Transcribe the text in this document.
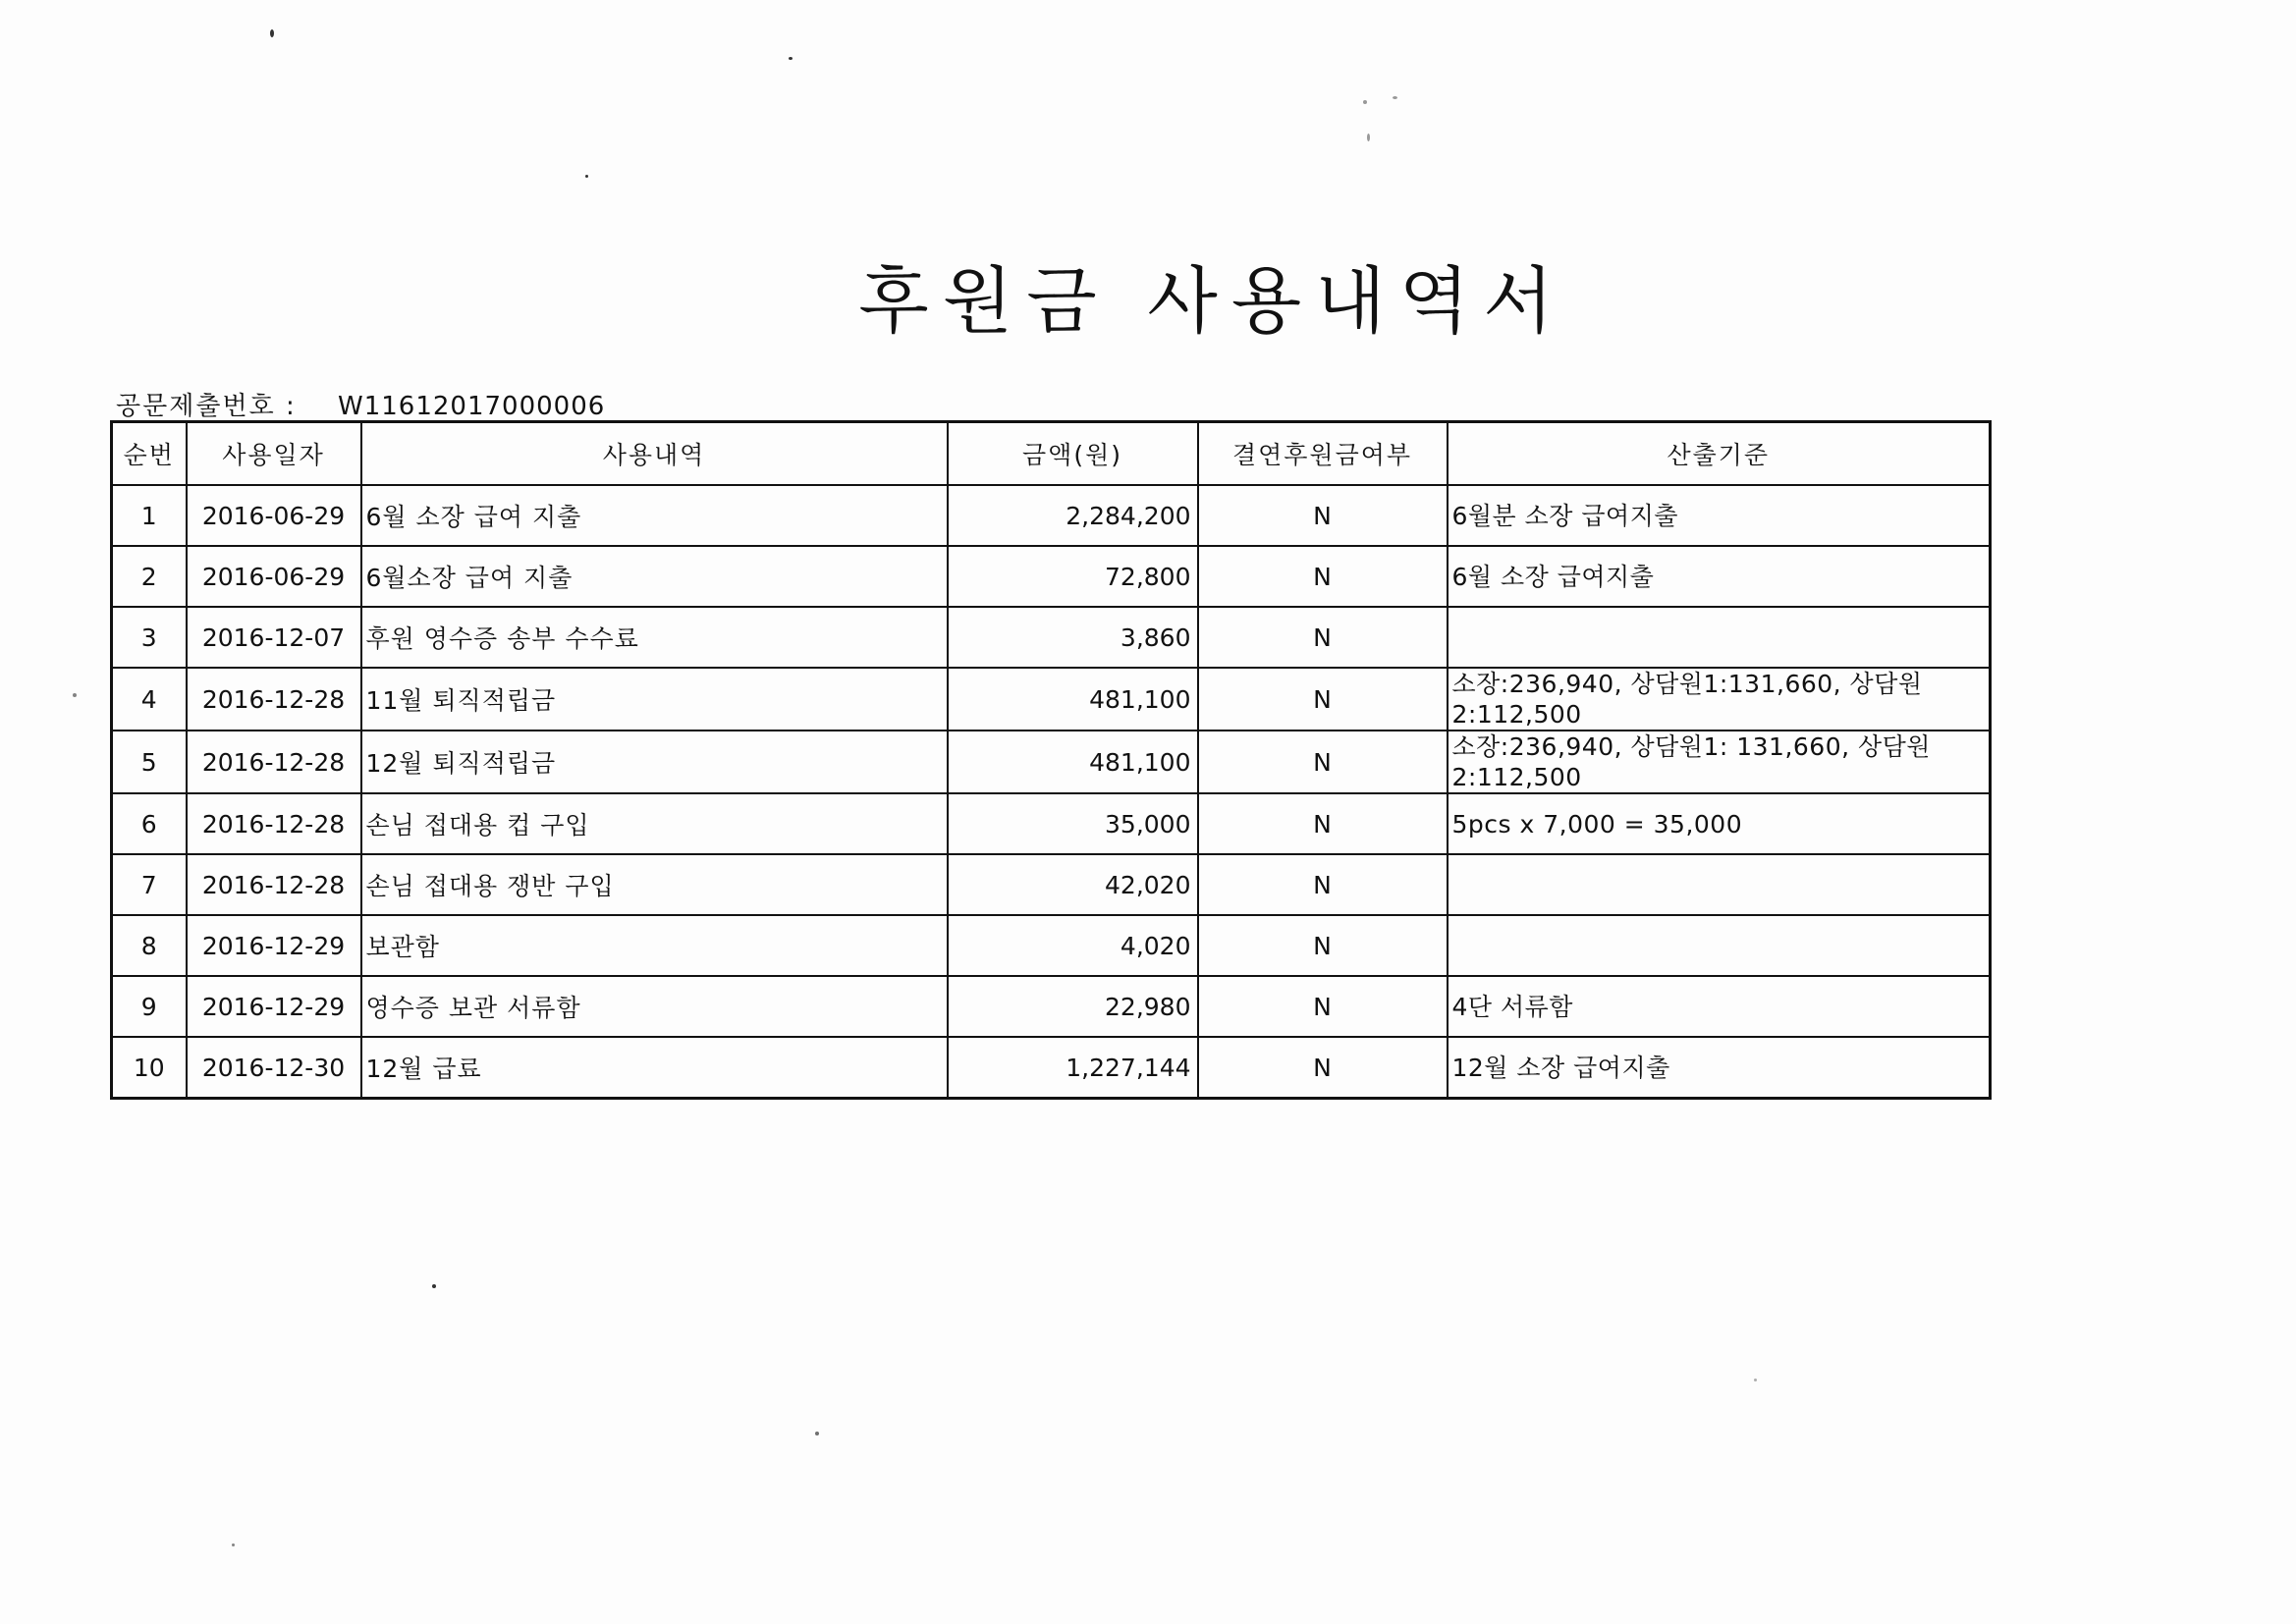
후원금 사용내역서
공문제출번호 : W11612017000006
순번	사용일자	사용내역	금액(원)	결연후원금여부	산출기준
1	2016-06-29	6월 소장 급여 지출	2,284,200	N	6월분 소장 급여지출
2	2016-06-29	6월소장 급여 지출	72,800	N	6월 소장 급여지출
3	2016-12-07	후원 영수증 송부 수수료	3,860	N	
4	2016-12-28	11월 퇴직적립금	481,100	N	소장:236,940, 상담원1:131,660, 상담원2:112,500
5	2016-12-28	12월 퇴직적립금	481,100	N	소장:236,940, 상담원1: 131,660, 상담원2:112,500
6	2016-12-28	손님 접대용 컵 구입	35,000	N	5pcs x 7,000 = 35,000
7	2016-12-28	손님 접대용 쟁반 구입	42,020	N	
8	2016-12-29	보관함	4,020	N	
9	2016-12-29	영수증 보관 서류함	22,980	N	4단 서류함
10	2016-12-30	12월 급료	1,227,144	N	12월 소장 급여지출
